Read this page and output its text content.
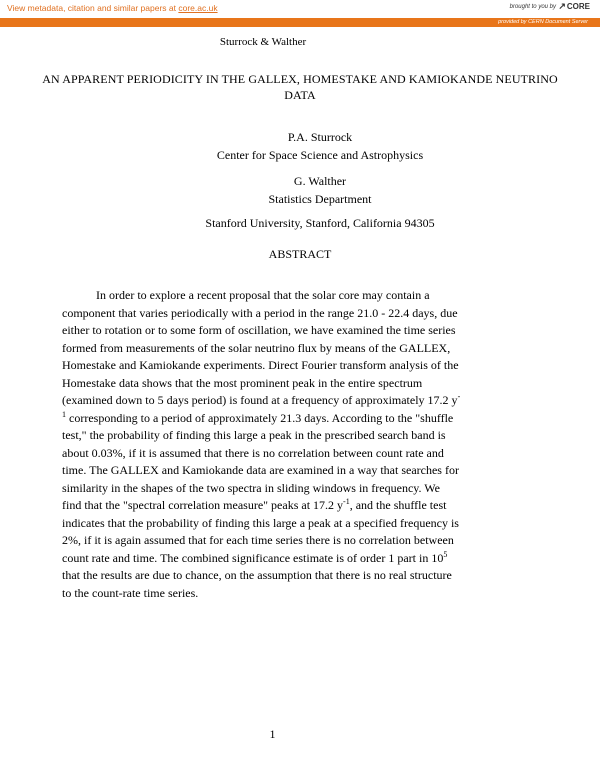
View metadata, citation and similar papers at core.ac.uk	brought to you by ↗CORE
provided by CERN Document Server
Sturrock & Walther
AN APPARENT PERIODICITY IN THE GALLEX, HOMESTAKE AND KAMIOKANDE NEUTRINO DATA
P.A. Sturrock
Center for Space Science and Astrophysics
G. Walther
Statistics Department
Stanford University, Stanford, California 94305
ABSTRACT

In order to explore a recent proposal that the solar core may contain a component that varies periodically with a period in the range 21.0 - 22.4 days, due either to rotation or to some form of oscillation, we have examined the time series formed from measurements of the solar neutrino flux by means of the GALLEX, Homestake and Kamiokande experiments. Direct Fourier transform analysis of the Homestake data shows that the most prominent peak in the entire spectrum (examined down to 5 days period) is found at a frequency of approximately 17.2 $y^{-1}$ corresponding to a period of approximately 21.3 days. According to the "shuffle test," the probability of finding this large a peak in the prescribed search band is about 0.03%, if it is assumed that there is no correlation between count rate and time. The GALLEX and Kamiokande data are examined in a way that searches for similarity in the shapes of the two spectra in sliding windows in frequency. We find that the "spectral correlation measure" peaks at 17.2 $y^{-1}$, and the shuffle test indicates that the probability of finding this large a peak at a specified frequency is 2%, if it is again assumed that for each time series there is no correlation between count rate and time. The combined significance estimate is of order 1 part in $10^5$ that the results are due to chance, on the assumption that there is no real structure to the count-rate time series.

1
